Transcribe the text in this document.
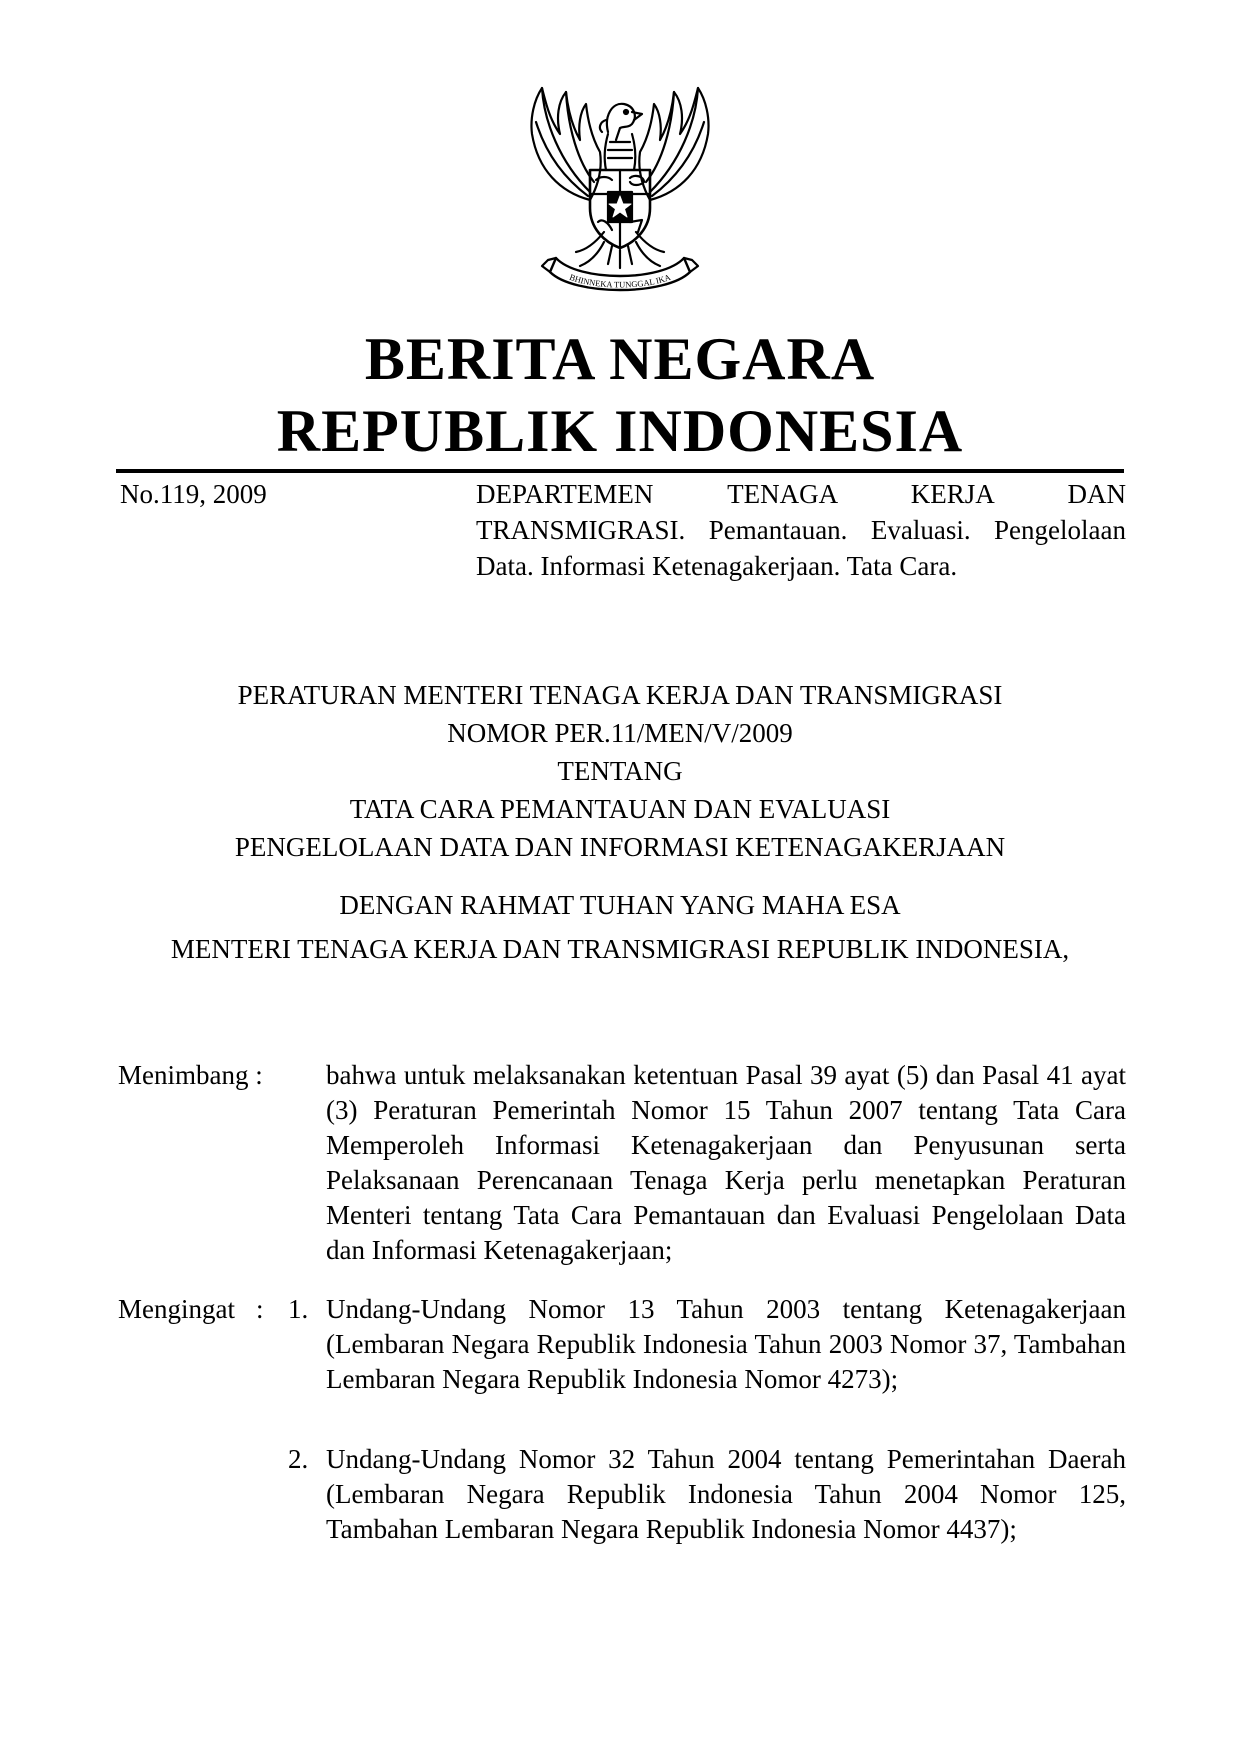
BHINNEKA TUNGGAL IKA
BERITA NEGARA
REPUBLIK INDONESIA
No.119, 2009	DEPARTEMEN TENAGA KERJA DAN TRANSMIGRASI. Pemantauan. Evaluasi. Pengelolaan Data. Informasi Ketenagakerjaan. Tata Cara.
PERATURAN MENTERI TENAGA KERJA DAN TRANSMIGRASI
NOMOR PER.11/MEN/V/2009
TENTANG
TATA CARA PEMANTAUAN DAN EVALUASI
PENGELOLAAN DATA DAN INFORMASI KETENAGAKERJAAN
DENGAN RAHMAT TUHAN YANG MAHA ESA
MENTERI TENAGA KERJA DAN TRANSMIGRASI REPUBLIK INDONESIA,
Menimbang : bahwa untuk melaksanakan ketentuan Pasal 39 ayat (5) dan Pasal 41 ayat (3) Peraturan Pemerintah Nomor 15 Tahun 2007 tentang Tata Cara Memperoleh Informasi Ketenagakerjaan dan Penyusunan serta Pelaksanaan Perencanaan Tenaga Kerja perlu menetapkan Peraturan Menteri tentang Tata Cara Pemantauan dan Evaluasi Pengelolaan Data dan Informasi Ketenagakerjaan;
Mengingat : 1. Undang-Undang Nomor 13 Tahun 2003 tentang Ketenagakerjaan (Lembaran Negara Republik Indonesia Tahun 2003 Nomor 37, Tambahan Lembaran Negara Republik Indonesia Nomor 4273);
2. Undang-Undang Nomor 32 Tahun 2004 tentang Pemerintahan Daerah (Lembaran Negara Republik Indonesia Tahun 2004 Nomor 125, Tambahan Lembaran Negara Republik Indonesia Nomor 4437);
